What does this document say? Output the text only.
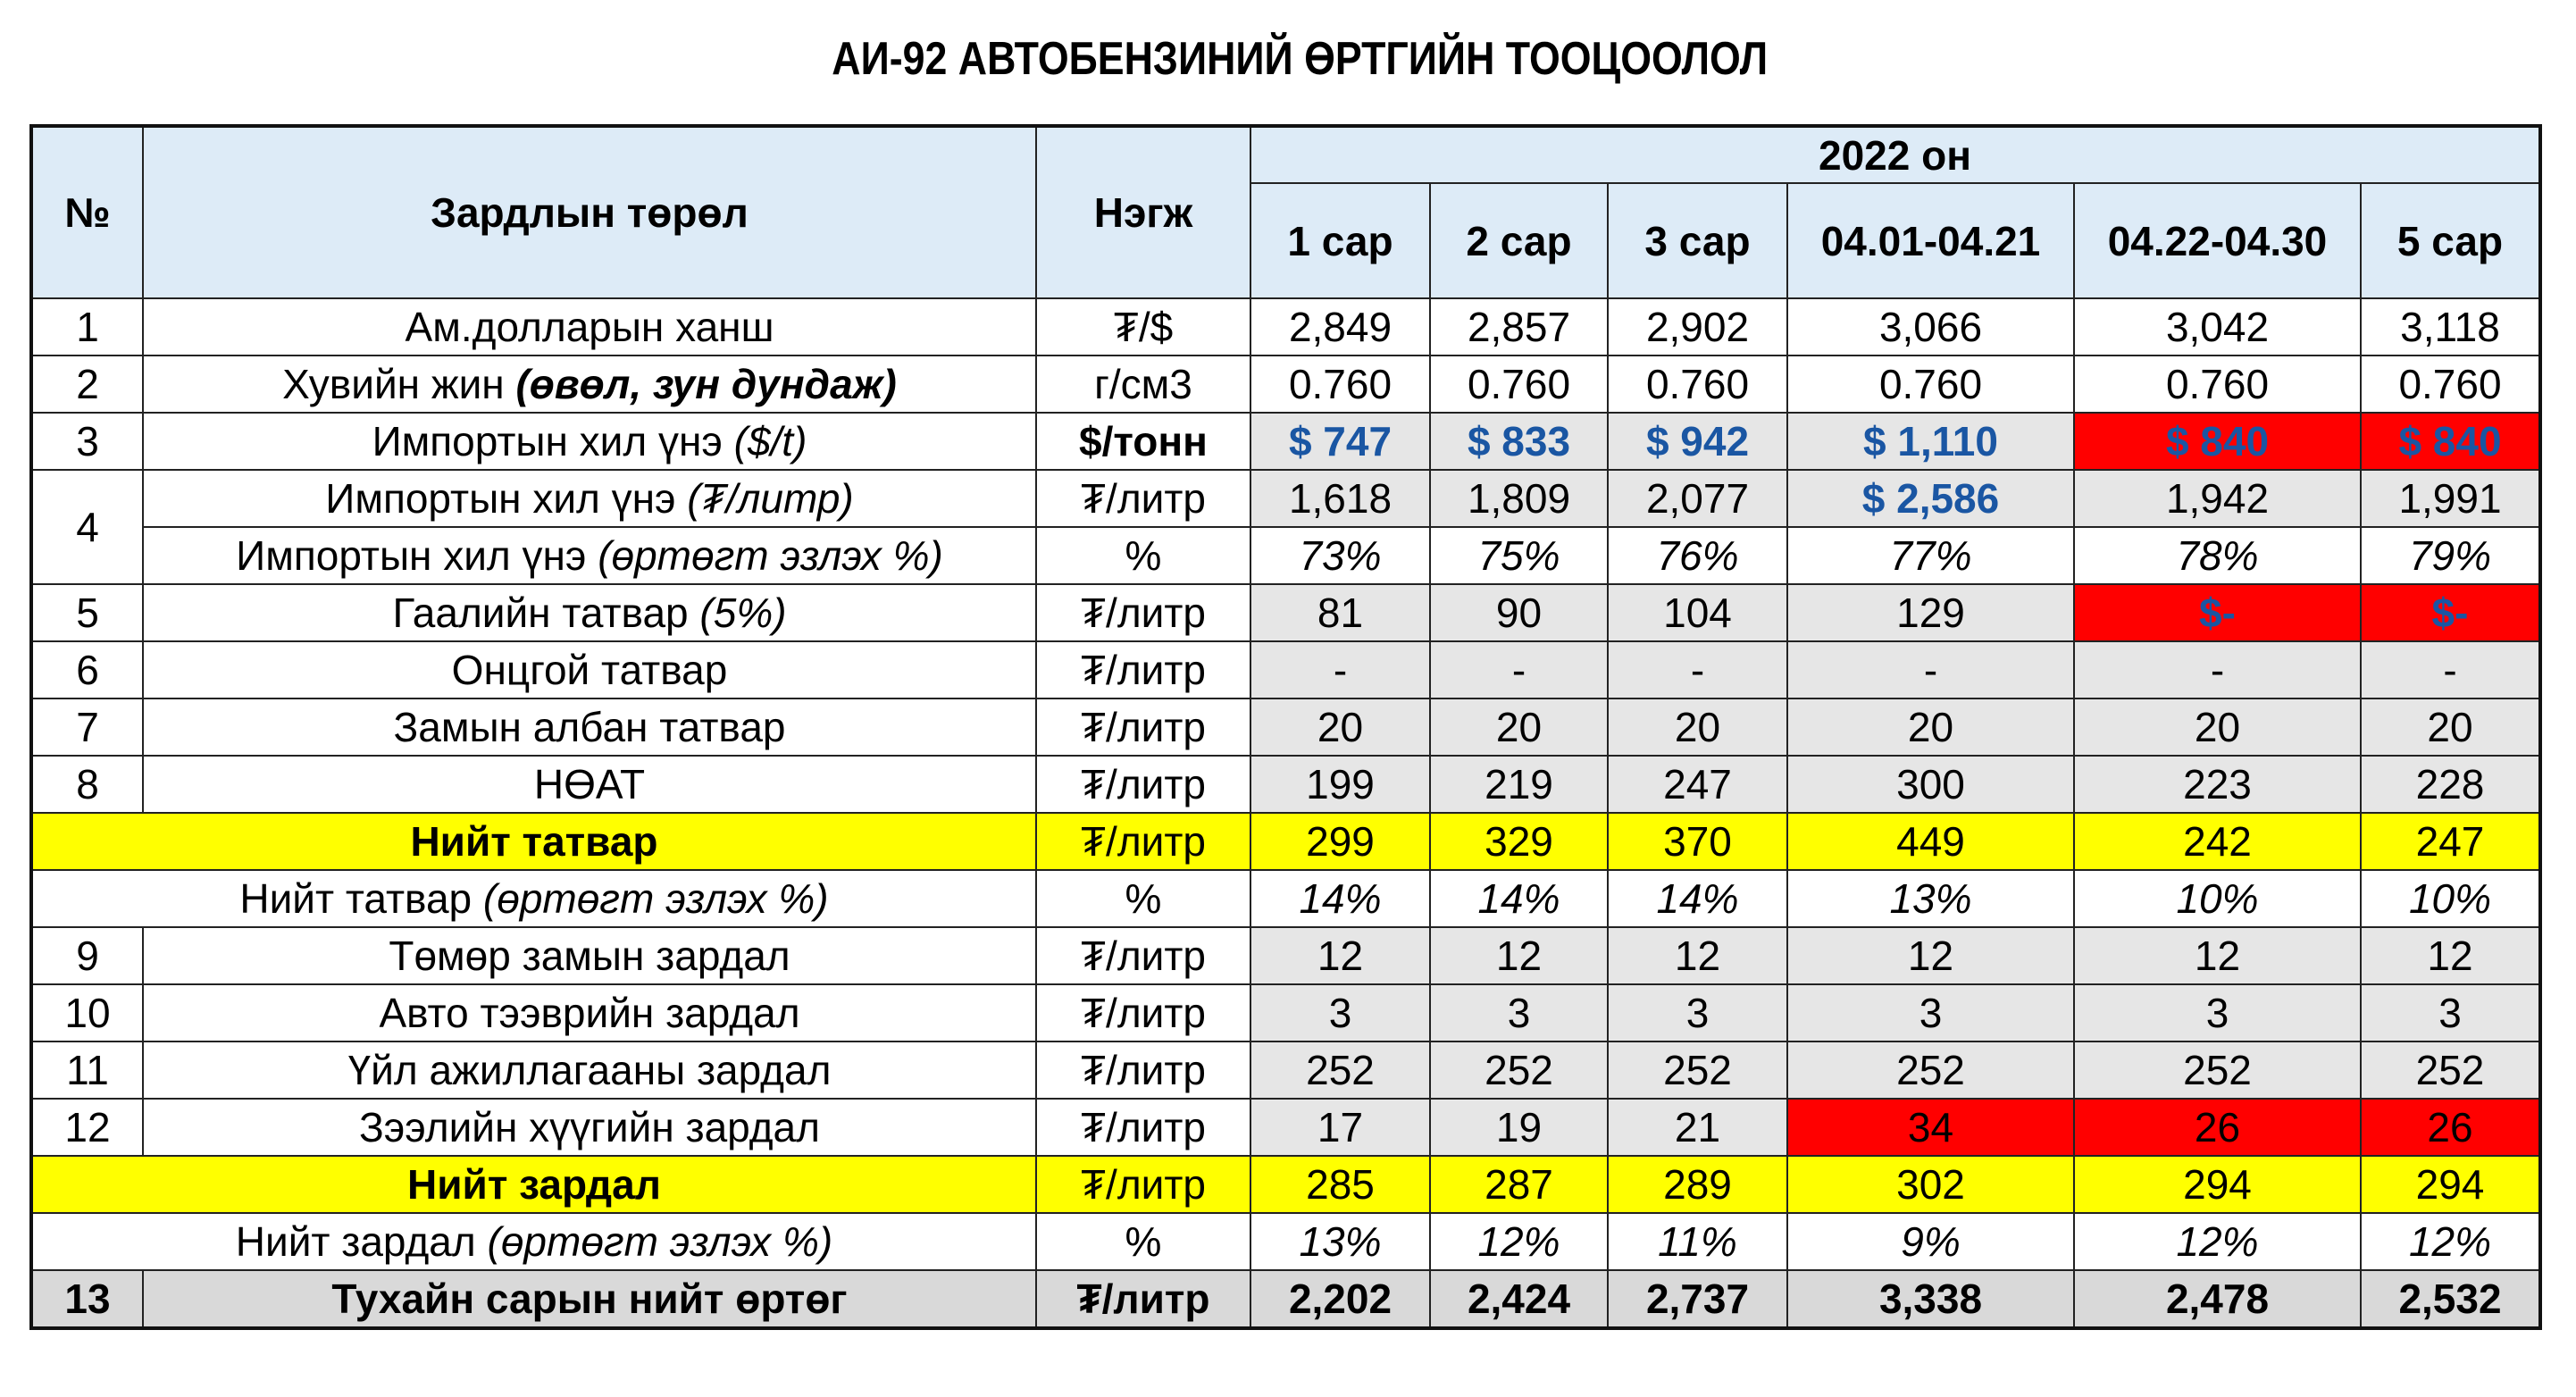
АИ-92 АВТОБЕНЗИНИЙ ӨРТГИЙН ТООЦООЛОЛ
№	Зардлын төрөл	Нэгж	2022 он					
			1 сар	2 сар	3 сар	04.01-04.21	04.22-04.30	5 сар
1	Ам.долларын ханш	₮/$	2,849	2,857	2,902	3,066	3,042	3,118
2	Хувийн жин (өвөл, зун дундаж)	г/см3	0.760	0.760	0.760	0.760	0.760	0.760
3	Импортын хил үнэ ($/t)	$/тонн	$ 747	$ 833	$ 942	$ 1,110	$ 840	$ 840
4	Импортын хил үнэ (₮/литр)	₮/литр	1,618	1,809	2,077	$ 2,586	1,942	1,991
	Импортын хил үнэ (өртөгт эзлэх %)	%	73%	75%	76%	77%	78%	79%
5	Гаалийн татвар (5%)	₮/литр	81	90	104	129	$-	$-
6	Онцгой татвар	₮/литр	-	-	-	-	-	-
7	Замын албан татвар	₮/литр	20	20	20	20	20	20
8	НӨАТ	₮/литр	199	219	247	300	223	228
Нийт татвар		₮/литр	299	329	370	449	242	247
Нийт татвар (өртөгт эзлэх %)		%	14%	14%	14%	13%	10%	10%
9	Төмөр замын зардал	₮/литр	12	12	12	12	12	12
10	Авто тээврийн зардал	₮/литр	3	3	3	3	3	3
11	Үйл ажиллагааны зардал	₮/литр	252	252	252	252	252	252
12	Зээлийн хүүгийн зардал	₮/литр	17	19	21	34	26	26
Нийт зардал		₮/литр	285	287	289	302	294	294
Нийт зардал (өртөгт эзлэх %)		%	13%	12%	11%	9%	12%	12%
13	Тухайн сарын нийт өртөг	₮/литр	2,202	2,424	2,737	3,338	2,478	2,532
